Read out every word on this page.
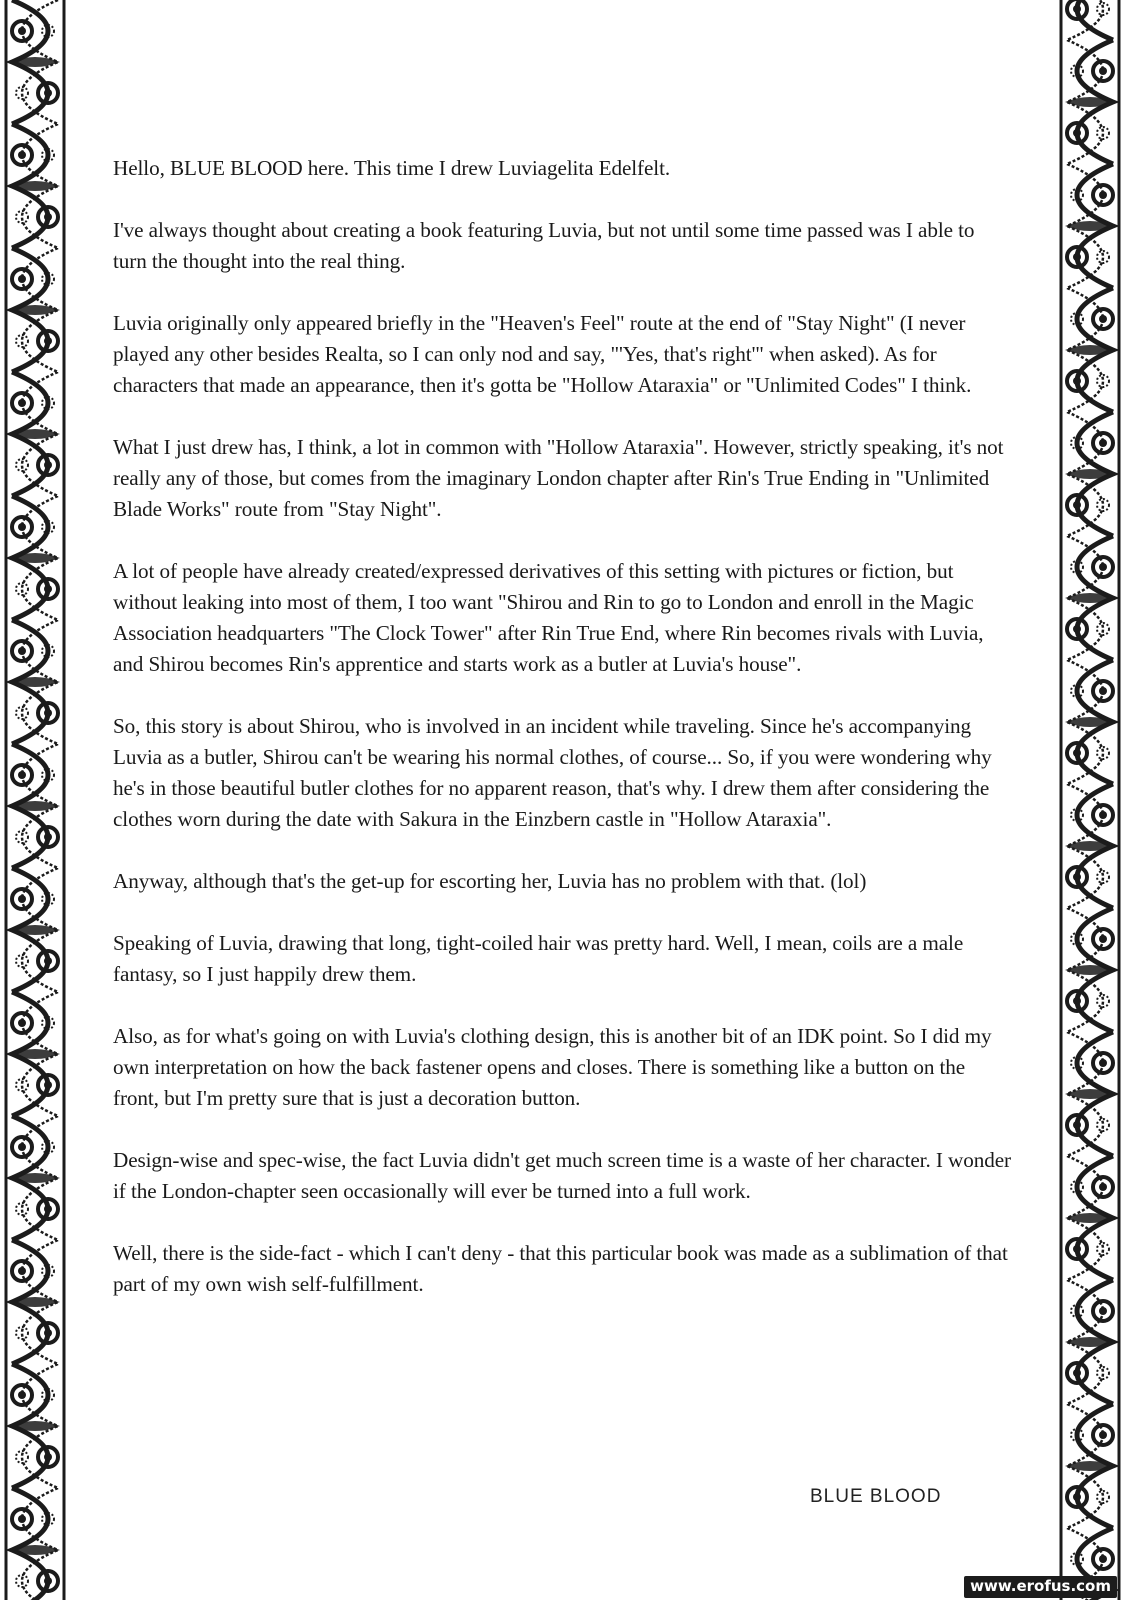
Hello, BLUE BLOOD here. This time I drew Luviagelita Edelfelt.

I've always thought about creating a book featuring Luvia, but not until some time passed was I able to turn the thought into the real thing.

Luvia originally only appeared briefly in the "Heaven's Feel" route at the end of "Stay Night" (I never played any other besides Realta, so I can only nod and say, "'Yes, that's right'" when asked). As for characters that made an appearance, then it's gotta be "Hollow Ataraxia" or "Unlimited Codes" I think.

What I just drew has, I think, a lot in common with "Hollow Ataraxia". However, strictly speaking, it's not really any of those, but comes from the imaginary London chapter after Rin's True Ending in "Unlimited Blade Works" route from "Stay Night".

A lot of people have already created/expressed derivatives of this setting with pictures or fiction, but without leaking into most of them, I too want "Shirou and Rin to go to London and enroll in the Magic Association headquarters "The Clock Tower" after Rin True End, where Rin becomes rivals with Luvia, and Shirou becomes Rin's apprentice and starts work as a butler at Luvia's house".

So, this story is about Shirou, who is involved in an incident while traveling. Since he's accompanying Luvia as a butler, Shirou can't be wearing his normal clothes, of course... So, if you were wondering why he's in those beautiful butler clothes for no apparent reason, that's why. I drew them after considering the clothes worn during the date with Sakura in the Einzbern castle in "Hollow Ataraxia".

Anyway, although that's the get-up for escorting her, Luvia has no problem with that. (lol)

Speaking of Luvia, drawing that long, tight-coiled hair was pretty hard. Well, I mean, coils are a male fantasy, so I just happily drew them.

Also, as for what's going on with Luvia's clothing design, this is another bit of an IDK point. So I did my own interpretation on how the back fastener opens and closes. There is something like a button on the front, but I'm pretty sure that is just a decoration button.

Design-wise and spec-wise, the fact Luvia didn't get much screen time is a waste of her character. I wonder if the London-chapter seen occasionally will ever be turned into a full work.

Well, there is the side-fact - which I can't deny - that this particular book was made as a sublimation of that part of my own wish self-fulfillment.

BLUE BLOOD
www.erofus.com
